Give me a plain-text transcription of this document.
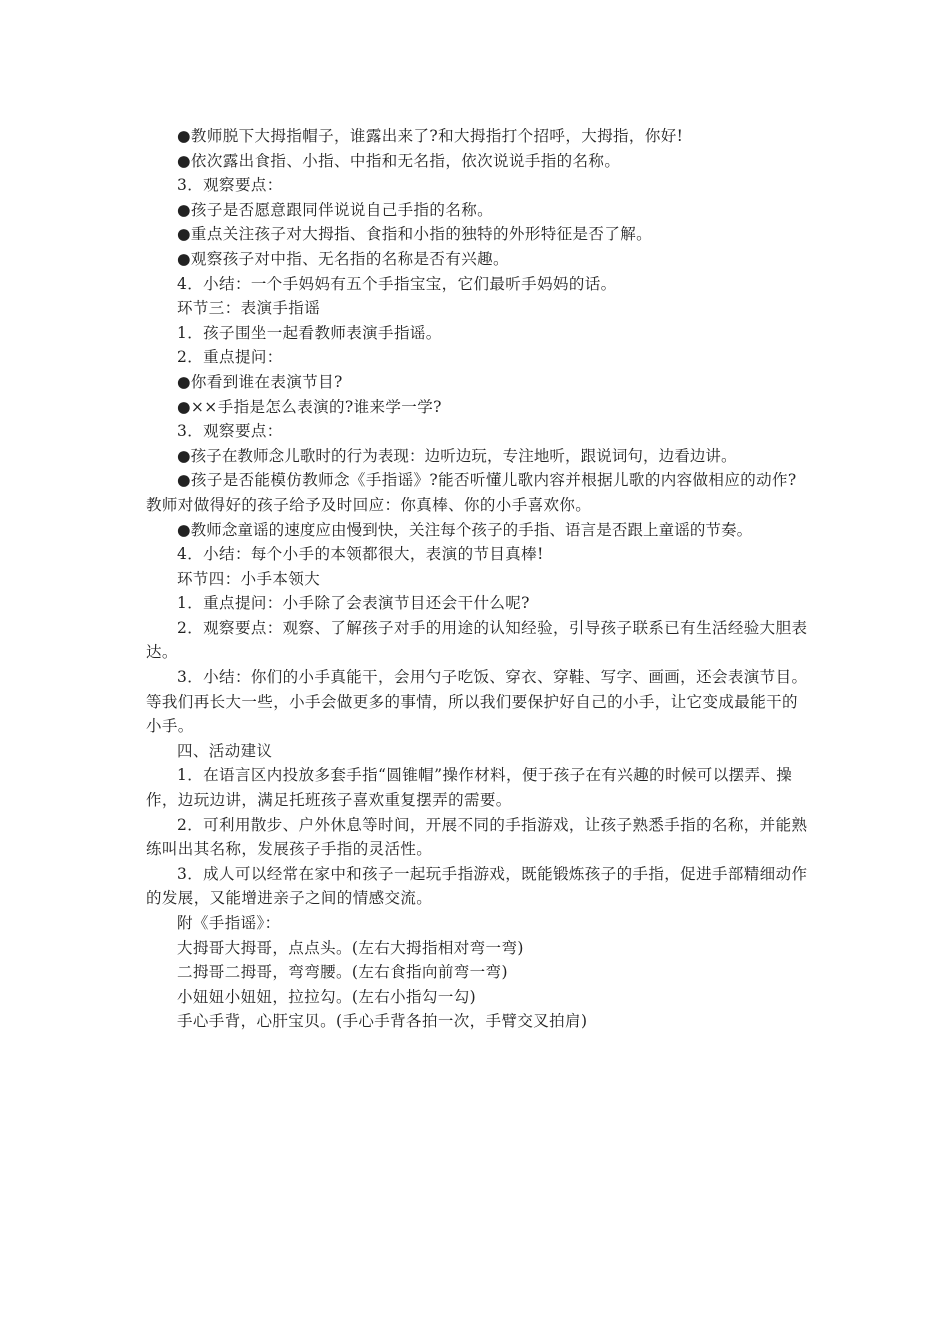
●教师脱下大拇指帽子，谁露出来了?和大拇指打个招呼，大拇指，你好!

●依次露出食指、小指、中指和无名指，依次说说手指的名称。

3．观察要点：

●孩子是否愿意跟同伴说说自己手指的名称。

●重点关注孩子对大拇指、食指和小指的独特的外形特征是否了解。

●观察孩子对中指、无名指的名称是否有兴趣。

4．小结：一个手妈妈有五个手指宝宝，它们最听手妈妈的话。

环节三：表演手指谣

1．孩子围坐一起看教师表演手指谣。

2．重点提问：

●你看到谁在表演节目?

●××手指是怎么表演的?谁来学一学?

3．观察要点：

●孩子在教师念儿歌时的行为表现：边听边玩，专注地听，跟说词句，边看边讲。

●孩子是否能模仿教师念《手指谣》?能否听懂儿歌内容并根据儿歌的内容做相应的动作?教师对做得好的孩子给予及时回应：你真棒、你的小手喜欢你。

●教师念童谣的速度应由慢到快，关注每个孩子的手指、语言是否跟上童谣的节奏。

4．小结：每个小手的本领都很大，表演的节目真棒!

环节四：小手本领大

1．重点提问：小手除了会表演节目还会干什么呢?

2．观察要点：观察、了解孩子对手的用途的认知经验，引导孩子联系已有生活经验大胆表达。

3．小结：你们的小手真能干，会用勺子吃饭、穿衣、穿鞋、写字、画画，还会表演节目。等我们再长大一些，小手会做更多的事情，所以我们要保护好自己的小手，让它变成最能干的小手。

四、活动建议

1．在语言区内投放多套手指“圆锥帽”操作材料，便于孩子在有兴趣的时候可以摆弄、操作，边玩边讲，满足托班孩子喜欢重复摆弄的需要。

2．可利用散步、户外休息等时间，开展不同的手指游戏，让孩子熟悉手指的名称，并能熟练叫出其名称，发展孩子手指的灵活性。

3．成人可以经常在家中和孩子一起玩手指游戏，既能锻炼孩子的手指，促进手部精细动作的发展，又能增进亲子之间的情感交流。

附《手指谣》：

大拇哥大拇哥，点点头。(左右大拇指相对弯一弯)

二拇哥二拇哥，弯弯腰。(左右食指向前弯一弯)

小妞妞小妞妞，拉拉勾。(左右小指勾一勾)

手心手背，心肝宝贝。(手心手背各拍一次，手臂交叉拍肩)
